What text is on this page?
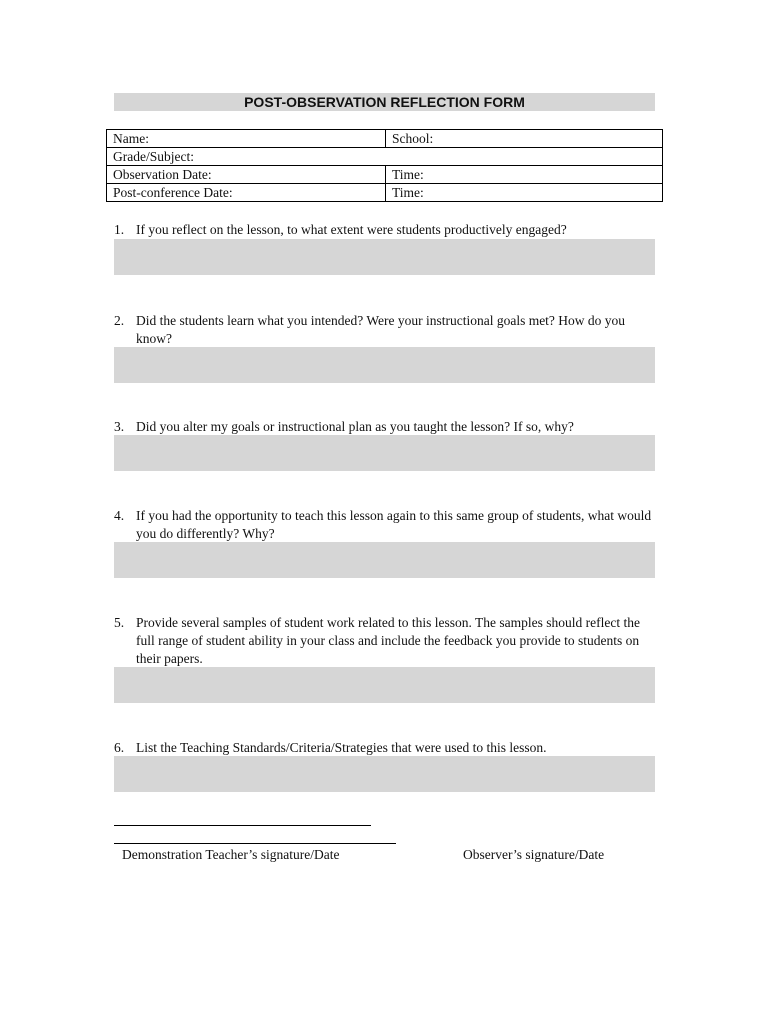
POST-OBSERVATION REFLECTION FORM
Name:	School:
Grade/Subject:	
Observation Date:	Time:
Post-conference Date:	Time:
1. If you reflect on the lesson, to what extent were students productively engaged?
2. Did the students learn what you intended? Were your instructional goals met? How do you know?
3. Did you alter my goals or instructional plan as you taught the lesson? If so, why?
4. If you had the opportunity to teach this lesson again to this same group of students, what would you do differently? Why?
5. Provide several samples of student work related to this lesson. The samples should reflect the full range of student ability in your class and include the feedback you provide to students on their papers.
6. List the Teaching Standards/Criteria/Strategies that were used to this lesson.
Demonstration Teacher’s signature/Date	Observer’s signature/Date
